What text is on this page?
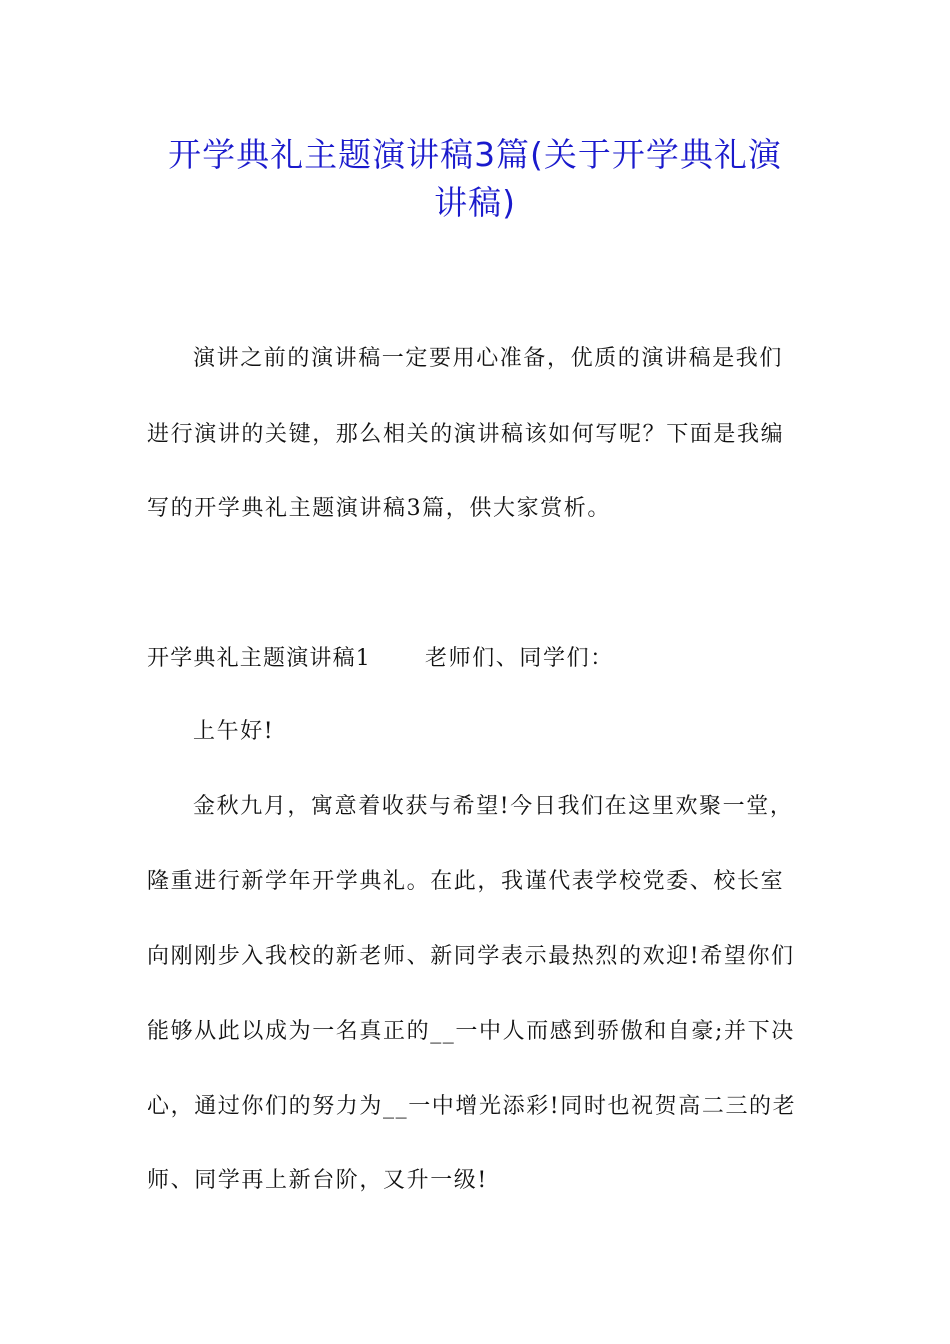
开学典礼主题演讲稿3篇(关于开学典礼演
讲稿)

演讲之前的演讲稿一定要用心准备，优质的演讲稿是我们

进行演讲的关键，那么相关的演讲稿该如何写呢？下面是我编

写的开学典礼主题演讲稿3篇，供大家赏析。

开学典礼主题演讲稿1 老师们、同学们：

上午好!

金秋九月，寓意着收获与希望!今日我们在这里欢聚一堂，

隆重进行新学年开学典礼。在此，我谨代表学校党委、校长室

向刚刚步入我校的新老师、新同学表示最热烈的欢迎!希望你们

能够从此以成为一名真正的__一中人而感到骄傲和自豪;并下决

心，通过你们的努力为__一中增光添彩!同时也祝贺高二三的老

师、同学再上新台阶，又升一级!
